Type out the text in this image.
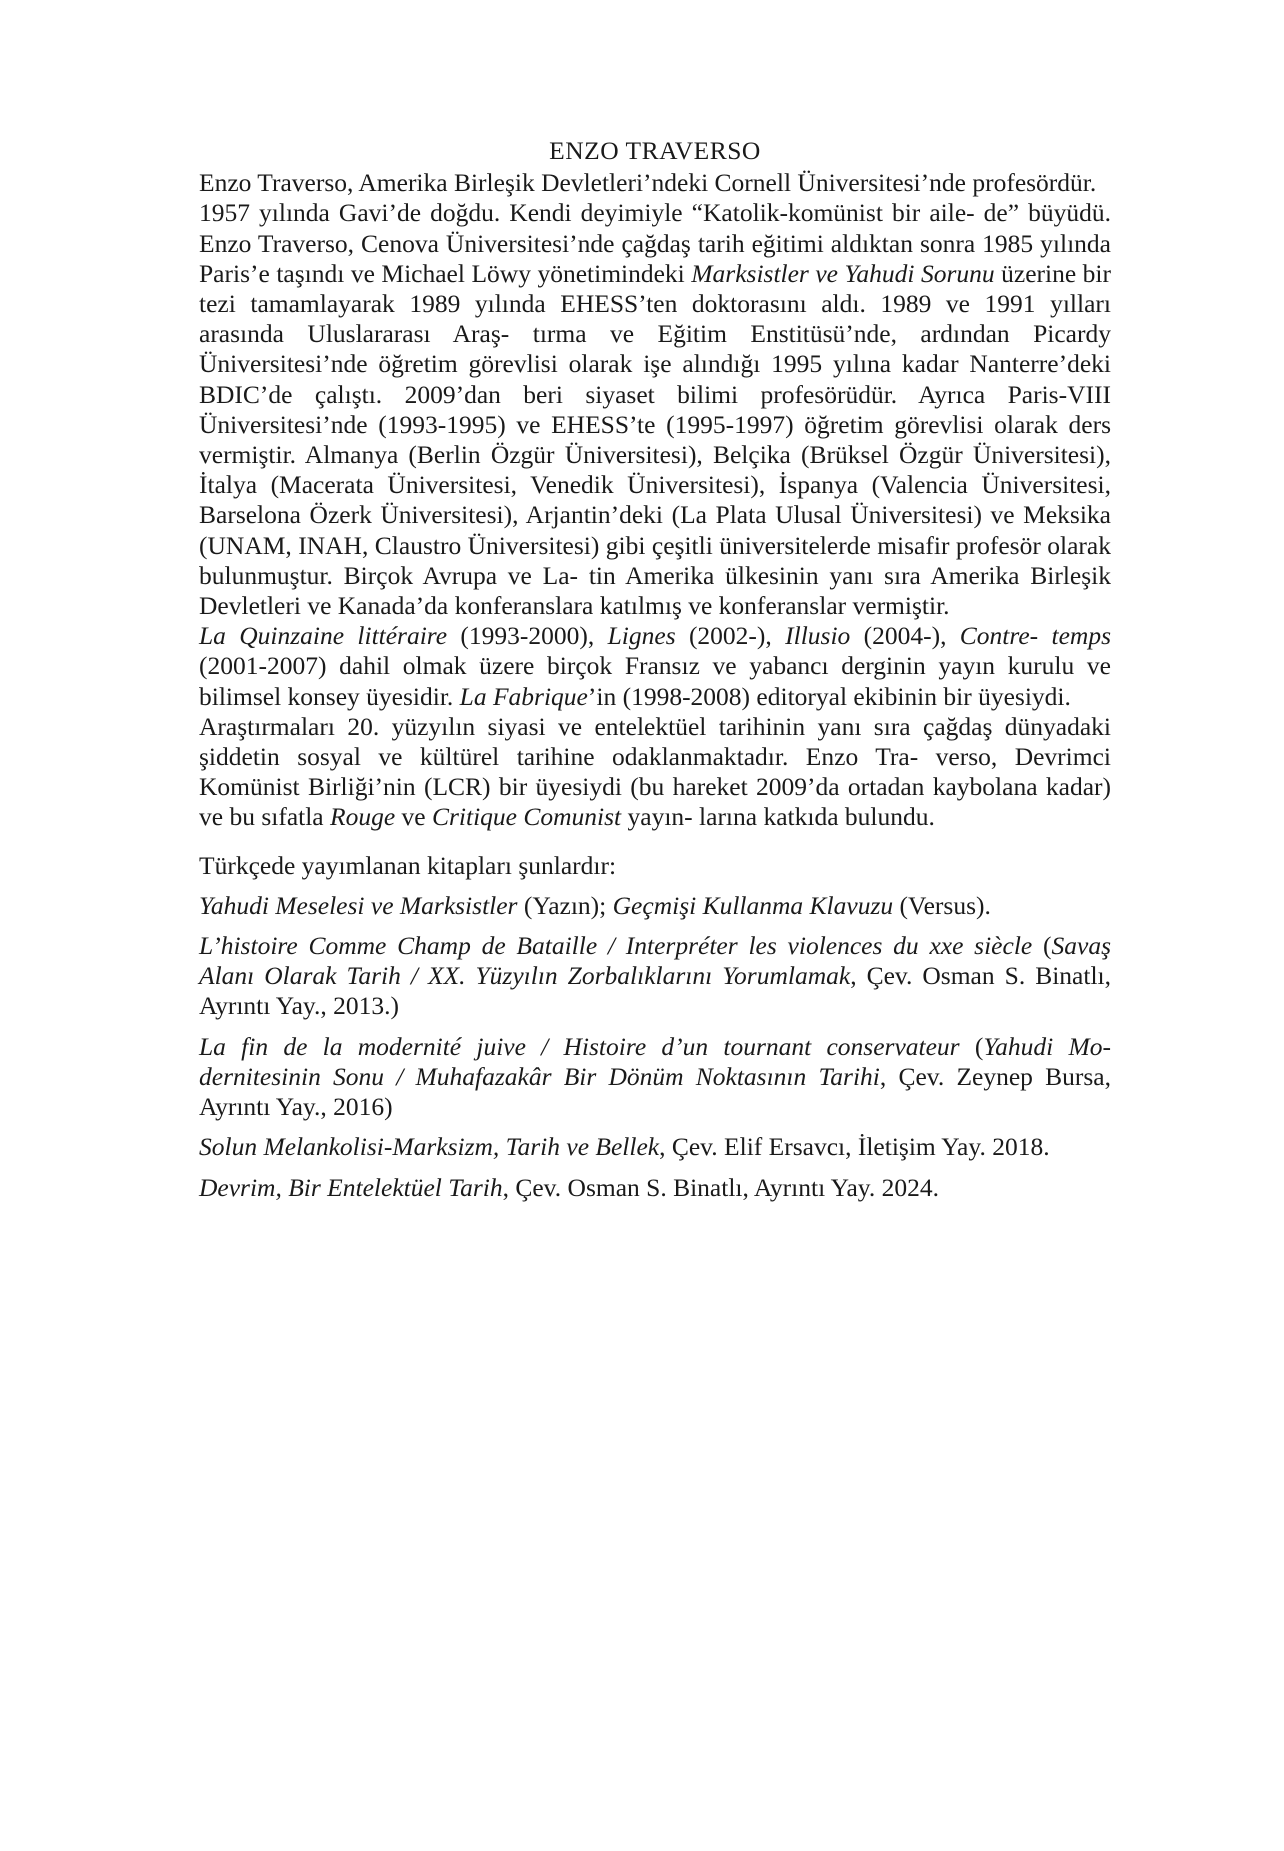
ENZO TRAVERSO

Enzo Traverso, Amerika Birleşik Devletleri’ndeki Cornell Üniversitesi’nde profesördür.

1957 yılında Gavi’de doğdu. Kendi deyimiyle “Katolik-komünist bir aile- de” büyüdü. Enzo Traverso, Cenova Üniversitesi’nde çağdaş tarih eğitimi aldıktan sonra 1985 yılında Paris’e taşındı ve Michael Löwy yönetimindeki Marksistler ve Yahudi Sorunu üzerine bir tezi tamamlayarak 1989 yılında EHESS’ten doktorasını aldı. 1989 ve 1991 yılları arasında Uluslararası Araş- tırma ve Eğitim Enstitüsü’nde, ardından Picardy Üniversitesi’nde öğretim görevlisi olarak işe alındığı 1995 yılına kadar Nanterre’deki BDIC’de çalıştı. 2009’dan beri siyaset bilimi profesörüdür. Ayrıca Paris-VIII Üniversitesi’nde (1993-1995) ve EHESS’te (1995-1997) öğretim görevlisi olarak ders vermiştir. Almanya (Berlin Özgür Üniversitesi), Belçika (Brüksel Özgür Üniversitesi), İtalya (Macerata Üniversitesi, Venedik Üniversitesi), İspanya (Valencia Üniversitesi, Barselona Özerk Üniversitesi), Arjantin’deki (La Plata Ulusal Üniversitesi) ve Meksika (UNAM, INAH, Claustro Üniversitesi) gibi çeşitli üniversitelerde misafir profesör olarak bulunmuştur. Birçok Avrupa ve La- tin Amerika ülkesinin yanı sıra Amerika Birleşik Devletleri ve Kanada’da konferanslara katılmış ve konferanslar vermiştir.

La Quinzaine littéraire (1993-2000), Lignes (2002-), Illusio (2004-), Contre- temps (2001-2007) dahil olmak üzere birçok Fransız ve yabancı derginin yayın kurulu ve bilimsel konsey üyesidir. La Fabrique’in (1998-2008) editoryal ekibinin bir üyesiydi.

Araştırmaları 20. yüzyılın siyasi ve entelektüel tarihinin yanı sıra çağdaş dünyadaki şiddetin sosyal ve kültürel tarihine odaklanmaktadır. Enzo Tra- verso, Devrimci Komünist Birliği’nin (LCR) bir üyesiydi (bu hareket 2009’da ortadan kaybolana kadar) ve bu sıfatla Rouge ve Critique Comunist yayın- larına katkıda bulundu.

Türkçede yayımlanan kitapları şunlardır:

Yahudi Meselesi ve Marksistler (Yazın); Geçmişi Kullanma Klavuzu (Versus).

L’histoire Comme Champ de Bataille / Interpréter les violences du xxe siècle (Savaş Alanı Olarak Tarih / XX. Yüzyılın Zorbalıklarını Yorumlamak, Çev. Osman S. Binatlı, Ayrıntı Yay., 2013.)

La fin de la modernité juive / Histoire d’un tournant conservateur (Yahudi Mo- dernitesinin Sonu / Muhafazakâr Bir Dönüm Noktasının Tarihi, Çev. Zeynep Bursa, Ayrıntı Yay., 2016)

Solun Melankolisi-Marksizm, Tarih ve Bellek, Çev. Elif Ersavcı, İletişim Yay. 2018.

Devrim, Bir Entelektüel Tarih, Çev. Osman S. Binatlı, Ayrıntı Yay. 2024.
